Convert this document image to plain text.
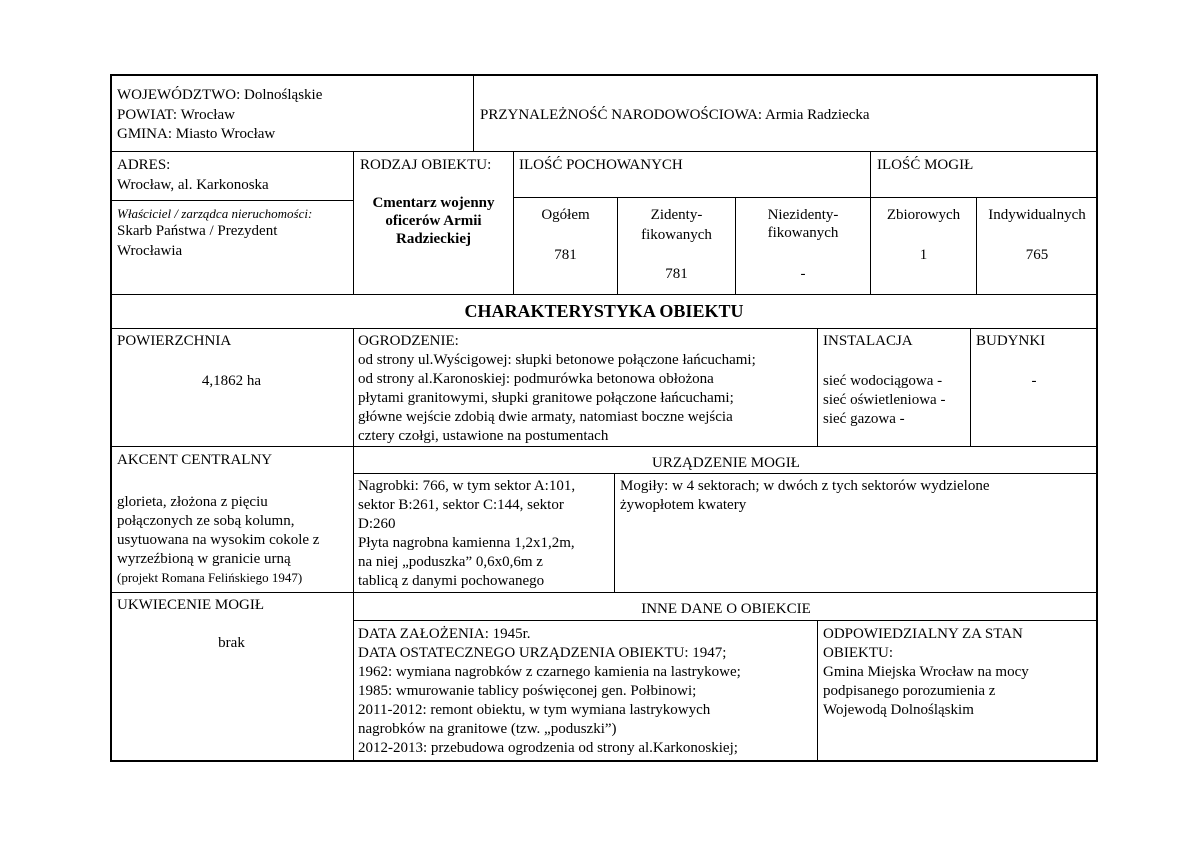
WOJEWÓDZTWO: Dolnośląskie
POWIAT: Wrocław
GMINA: Miasto Wrocław
PRZYNALEŻNOŚĆ NARODOWOŚCIOWA: Armia Radziecka
ADRES:
Wrocław, al. Karkonoska
Właściciel / zarządca nieruchomości:
Skarb Państwa / Prezydent
Wrocławia
RODZAJ OBIEKTU:
Cmentarz wojenny
oficerów Armii
Radzieckiej
ILOŚĆ POCHOWANYCH
Ogółem
781
Zidenty-
fikowanych
781
Niezidenty-
fikowanych
-
ILOŚĆ MOGIŁ
Zbiorowych
1
Indywidualnych
765
CHARAKTERYSTYKA OBIEKTU
POWIERZCHNIA
4,1862 ha
OGRODZENIE:
od strony ul.Wyścigowej: słupki betonowe połączone łańcuchami;
od strony al.Karonoskiej: podmurówka betonowa obłożona
płytami granitowymi, słupki granitowe połączone łańcuchami;
główne wejście zdobią dwie armaty, natomiast boczne wejścia
cztery czołgi, ustawione na postumentach
INSTALACJA
sieć wodociągowa -
sieć oświetleniowa -
sieć gazowa -
BUDYNKI
-
AKCENT CENTRALNY
glorieta, złożona z pięciu
połączonych ze sobą kolumn,
usytuowana na wysokim cokole z
wyrzeźbioną w granicie urną
(projekt Romana Felińskiego 1947)
URZĄDZENIE MOGIŁ
Nagrobki: 766, w tym sektor A:101,
sektor B:261, sektor C:144, sektor
D:260
Płyta nagrobna kamienna 1,2x1,2m,
na niej „poduszka” 0,6x0,6m z
tablicą z danymi pochowanego
Mogiły: w 4 sektorach; w dwóch z tych sektorów wydzielone
żywopłotem kwatery
UKWIECENIE MOGIŁ
brak
INNE DANE O OBIEKCIE
DATA ZAŁOŻENIA: 1945r.
DATA OSTATECZNEGO URZĄDZENIA OBIEKTU: 1947;
1962: wymiana nagrobków z czarnego kamienia na lastrykowe;
1985: wmurowanie tablicy poświęconej gen. Połbinowi;
2011-2012: remont obiektu, w tym wymiana lastrykowych
nagrobków na granitowe (tzw. „poduszki”)
2012-2013: przebudowa ogrodzenia od strony al.Karkonoskiej;
ODPOWIEDZIALNY ZA STAN
OBIEKTU:
Gmina Miejska Wrocław na mocy
podpisanego porozumienia z
Wojewodą Dolnośląskim
